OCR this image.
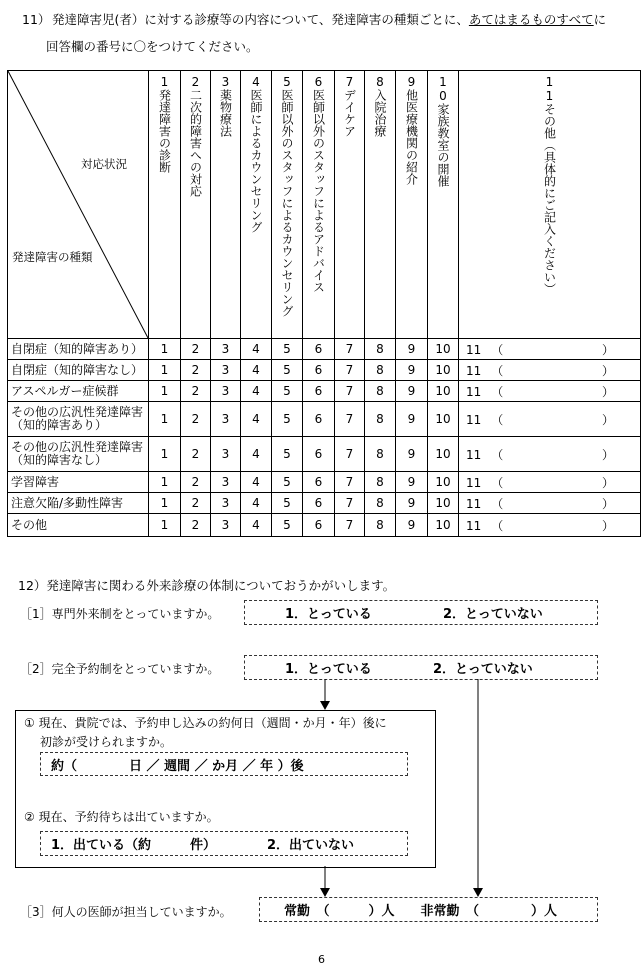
11） 発達障害児(者）に対する診療等の内容について、発達障害の種類ごとに、あてはまるものすべてに
回答欄の番号に〇をつけてください。
対応状況
発達障害の種類	1発達障害の診断	2二次的障害への対応	3薬物療法	4医師によるカウンセリング	5医師以外のスタッフによるカウンセリング	6医師以外のスタッフによるアドバイス	7デイケア	8入院治療	9他医療機関の紹介	10家族教室の開催	11その他（具体的にご記入ください）

自閉症（知的障害あり）	1	2	3	4	5	6	7	8	9	10	11 （ ）

自閉症（知的障害なし）	1	2	3	4	5	6	7	8	9	10	11 （ ）

アスペルガー症候群	1	2	3	4	5	6	7	8	9	10	11 （ ）

その他の広汎性発達障害（知的障害あり）	1	2	3	4	5	6	7	8	9	10	11 （ ）

その他の広汎性発達障害（知的障害なし）	1	2	3	4	5	6	7	8	9	10	11 （ ）

学習障害	1	2	3	4	5	6	7	8	9	10	11 （ ）

注意欠陥/多動性障害	1	2	3	4	5	6	7	8	9	10	11 （ ）

その他	1	2	3	4	5	6	7	8	9	10	11 （ ）
12）発達障害に関わる外来診療の体制についておうかがいします。
［1］専門外来制をとっていますか。	1．とっている	2．とっていない
［2］完全予約制をとっていますか。	1．とっている	2．とっていない
① 現在、貴院では、予約申し込みの約何日（週間・か月・年）後に
初診が受けられますか。
約（　　　　日 ／ 週間 ／ か月 ／ 年 ）後
② 現在、予約待ちは出ていますか。
1．出ている（約　　　件）	2．出ていない
［3］何人の医師が担当していますか。	常勤　（　　　）人　　非常勤　（　　　　）人
6
